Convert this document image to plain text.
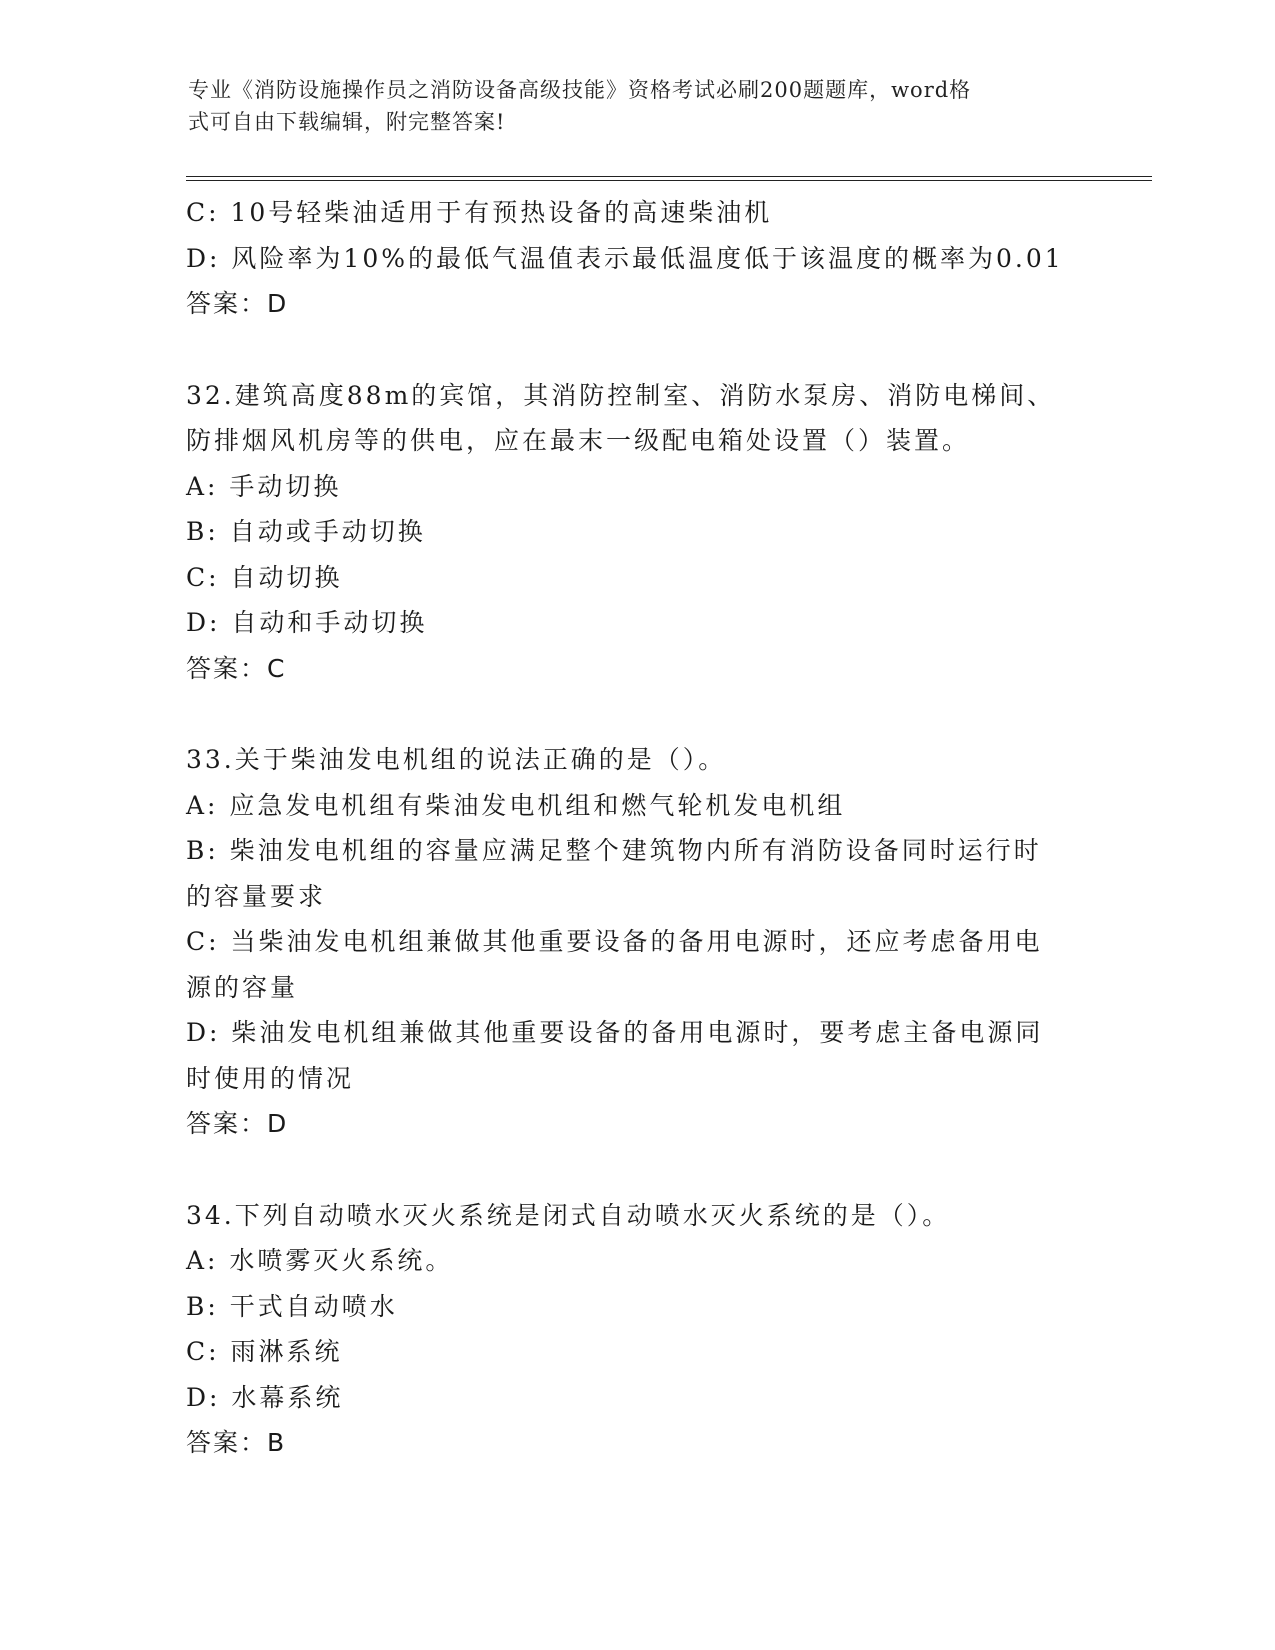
专业《消防设施操作员之消防设备高级技能》资格考试必刷200题题库，word格
式可自由下载编辑，附完整答案!
C: 10号轻柴油适用于有预热设备的高速柴油机
D: 风险率为10%的最低气温值表示最低温度低于该温度的概率为0.01
答案：D
32.建筑高度88m的宾馆，其消防控制室、消防水泵房、消防电梯间、
防排烟风机房等的供电，应在最末一级配电箱处设置（）装置。
A: 手动切换
B: 自动或手动切换
C: 自动切换
D: 自动和手动切换
答案：C
33.关于柴油发电机组的说法正确的是（）。
A: 应急发电机组有柴油发电机组和燃气轮机发电机组
B: 柴油发电机组的容量应满足整个建筑物内所有消防设备同时运行时
的容量要求
C: 当柴油发电机组兼做其他重要设备的备用电源时，还应考虑备用电
源的容量
D: 柴油发电机组兼做其他重要设备的备用电源时，要考虑主备电源同
时使用的情况
答案：D
34.下列自动喷水灭火系统是闭式自动喷水灭火系统的是（）。
A: 水喷雾灭火系统。
B: 干式自动喷水
C: 雨淋系统
D: 水幕系统
答案：B
